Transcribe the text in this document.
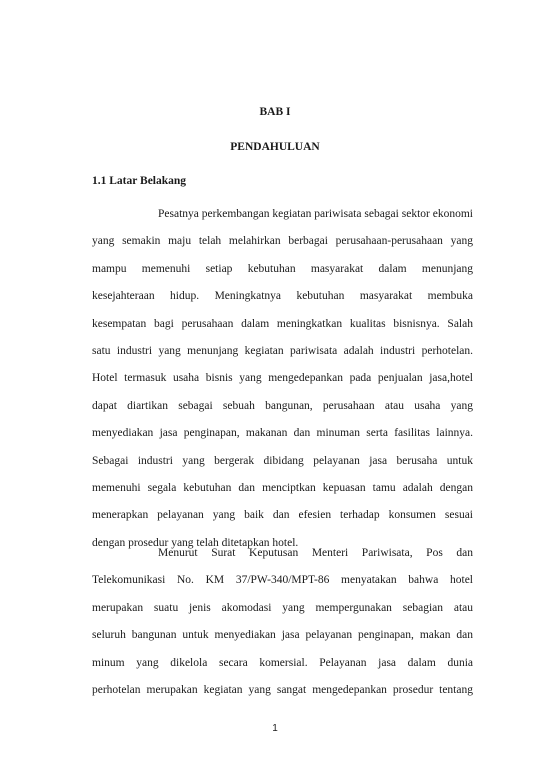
BAB I
PENDAHULUAN
1.1 Latar Belakang
Pesatnya perkembangan kegiatan pariwisata sebagai sektor ekonomi
yang semakin maju telah melahirkan berbagai perusahaan-perusahaan yang
mampu memenuhi setiap kebutuhan masyarakat dalam menunjang
kesejahteraan hidup. Meningkatnya kebutuhan masyarakat membuka
kesempatan bagi perusahaan dalam meningkatkan kualitas bisnisnya. Salah
satu industri yang menunjang kegiatan pariwisata adalah industri perhotelan.
Hotel termasuk usaha bisnis yang mengedepankan pada penjualan jasa,hotel
dapat diartikan sebagai sebuah bangunan, perusahaan atau usaha yang
menyediakan jasa penginapan, makanan dan minuman serta fasilitas lainnya.
Sebagai industri yang bergerak dibidang pelayanan jasa berusaha untuk
memenuhi segala kebutuhan dan menciptkan kepuasan tamu adalah dengan
menerapkan pelayanan yang baik dan efesien terhadap konsumen sesuai
dengan prosedur yang telah ditetapkan hotel.
Menurut Surat Keputusan Menteri Pariwisata, Pos dan
Telekomunikasi No. KM 37/PW-340/MPT-86 menyatakan bahwa hotel
merupakan suatu jenis akomodasi yang mempergunakan sebagian atau
seluruh bangunan untuk menyediakan jasa pelayanan penginapan, makan dan
minum yang dikelola secara komersial. Pelayanan jasa dalam dunia
perhotelan merupakan kegiatan yang sangat mengedepankan prosedur tentang
1
